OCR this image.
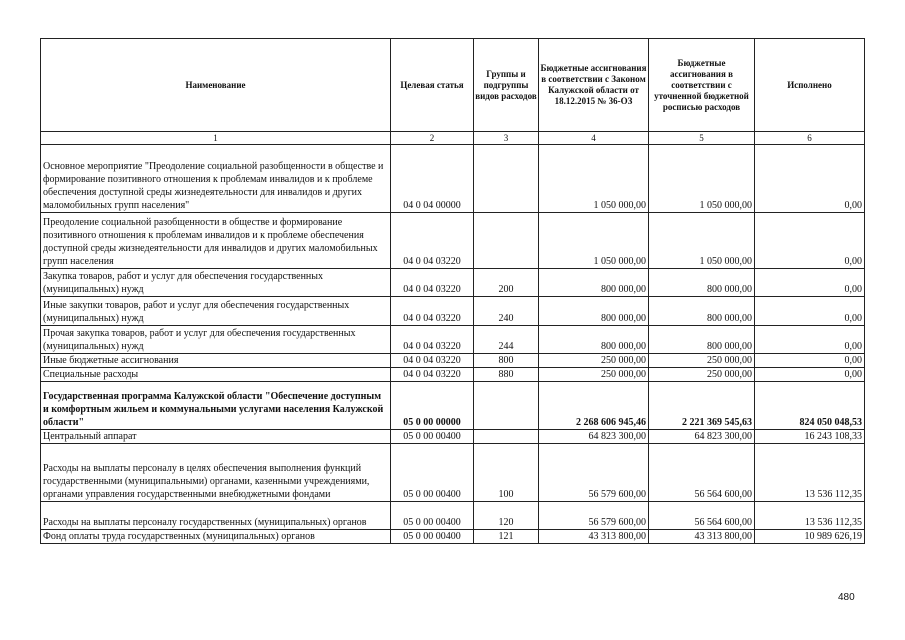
Наименование	Целевая статья	Группы и подгруппы видов расходов	Бюджетные ассигнования в соответствии с Законом Калужской области от 18.12.2015 № 36-ОЗ	Бюджетные ассигнования в соответствии с уточненной бюджетной росписью расходов	Исполнено
1	2	3	4	5	6
Основное мероприятие "Преодоление социальной разобщенности в обществе и формирование позитивного отношения к проблемам инвалидов и к проблеме обеспечения доступной среды жизнедеятельности для инвалидов и других маломобильных групп населения"	04 0 04 00000		1 050 000,00	1 050 000,00	0,00
Преодоление социальной разобщенности в обществе и формирование позитивного отношения к проблемам инвалидов и к проблеме обеспечения доступной среды жизнедеятельности для инвалидов и других маломобильных групп населения	04 0 04 03220		1 050 000,00	1 050 000,00	0,00
Закупка товаров, работ и услуг для обеспечения государственных (муниципальных) нужд	04 0 04 03220	200	800 000,00	800 000,00	0,00
Иные закупки товаров, работ и услуг для обеспечения государственных (муниципальных) нужд	04 0 04 03220	240	800 000,00	800 000,00	0,00
Прочая закупка товаров, работ и услуг для обеспечения государственных (муниципальных) нужд	04 0 04 03220	244	800 000,00	800 000,00	0,00
Иные бюджетные ассигнования	04 0 04 03220	800	250 000,00	250 000,00	0,00
Специальные расходы	04 0 04 03220	880	250 000,00	250 000,00	0,00
Государственная программа Калужской области "Обеспечение доступным и комфортным жильем и коммунальными услугами населения Калужской области"	05 0 00 00000		2 268 606 945,46	2 221 369 545,63	824 050 048,53
Центральный аппарат	05 0 00 00400		64 823 300,00	64 823 300,00	16 243 108,33
Расходы на выплаты персоналу в целях обеспечения выполнения функций государственными (муниципальными) органами, казенными учреждениями, органами управления государственными внебюджетными фондами	05 0 00 00400	100	56 579 600,00	56 564 600,00	13 536 112,35
Расходы на выплаты персоналу государственных (муниципальных) органов	05 0 00 00400	120	56 579 600,00	56 564 600,00	13 536 112,35
Фонд оплаты труда государственных (муниципальных) органов	05 0 00 00400	121	43 313 800,00	43 313 800,00	10 989 626,19
480
